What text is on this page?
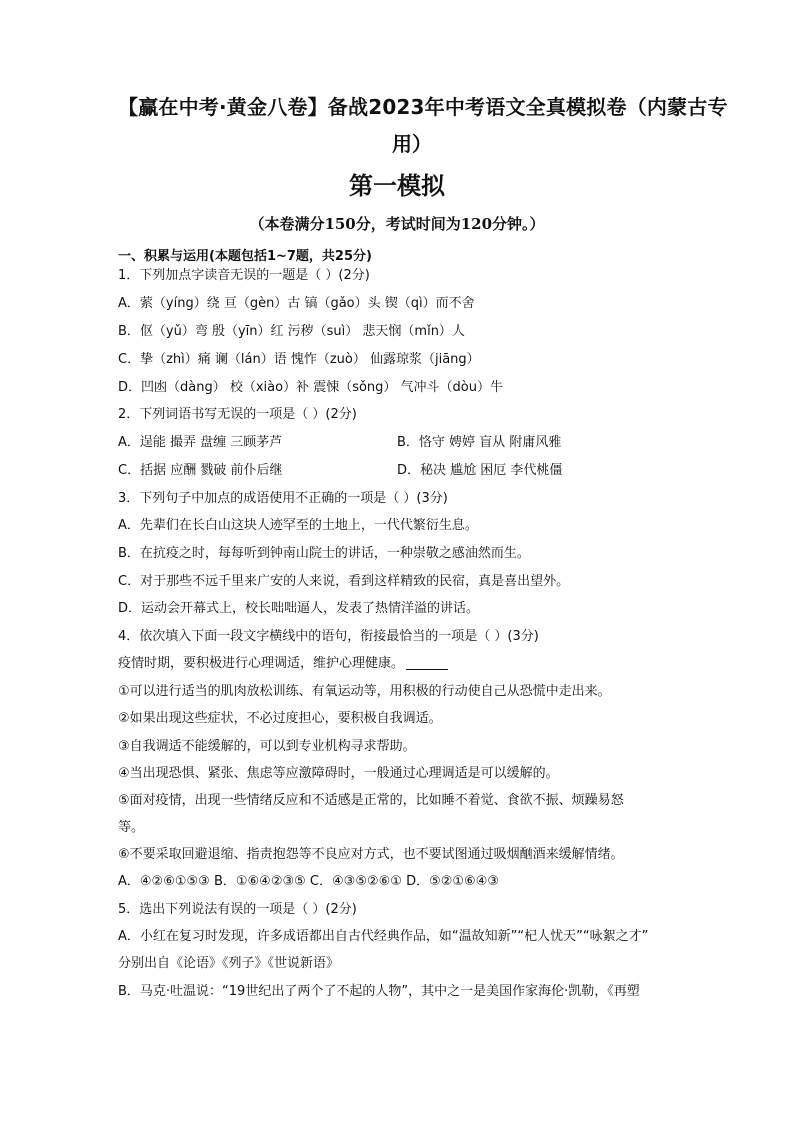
【赢在中考·黄金八卷】备战2023年中考语文全真模拟卷（内蒙古专
用）
第一模拟
（本卷满分150分，考试时间为120分钟。）
一、积累与运用(本题包括1~7题，共25分)
1．下列加点字读音无误的一题是（ ）(2分)
A．萦（yíng）绕 亘（gèn）古 镐（gǎo）头 锲（qì）而不舍
B．伛（yǔ）弯 殷（yīn）红 污秽（suì） 悲天悯（mǐn）人
C．挚（zhì）痛 谰（lán）语 愧怍（zuò） 仙露琼浆（jiāng）
D．凹凼（dàng） 校（xiào）补 震悚（sǒng） 气冲斗（dòu）牛
2．下列词语书写无误的一项是（ ）(2分)
A．逞能 撮弄 盘缠 三顾茅芦	B．恪守 娉婷 盲从 附庸风雅
C．括据 应酬 戮破 前仆后继	D．秘决 尴尬 困厄 李代桃僵
3．下列句子中加点的成语使用不正确的一项是（ ）(3分)
A．先辈们在长白山这块人迹罕至的土地上，一代代繁衍生息。
B．在抗疫之时，每每听到钟南山院士的讲话，一种崇敬之感油然而生。
C．对于那些不远千里来广安的人来说，看到这样精致的民宿，真是喜出望外。
D．运动会开幕式上，校长咄咄逼人，发表了热情洋溢的讲话。
4．依次填入下面一段文字横线中的语句，衔接最恰当的一项是（ ）(3分)
疫情时期，要积极进行心理调适，维护心理健康。
①可以进行适当的肌肉放松训练、有氧运动等，用积极的行动使自己从恐慌中走出来。
②如果出现这些症状，不必过度担心，要积极自我调适。
③自我调适不能缓解的，可以到专业机构寻求帮助。
④当出现恐惧、紧张、焦虑等应激障碍时，一般通过心理调适是可以缓解的。
⑤面对疫情，出现一些情绪反应和不适感是正常的，比如睡不着觉、食欲不振、烦躁易怒
等。
⑥不要采取回避退缩、指责抱怨等不良应对方式，也不要试图通过吸烟酗酒来缓解情绪。
A．④②⑥①⑤③ B．①⑥④②③⑤ C．④③⑤②⑥① D．⑤②①⑥④③
5．选出下列说法有误的一项是（ ）(2分)
A．小红在复习时发现，许多成语都出自古代经典作品，如“温故知新”“杞人忧天”“咏絮之才”
分别出自《论语》《列子》《世说新语》
B．马克·吐温说：“19世纪出了两个了不起的人物”，其中之一是美国作家海伦·凯勒，《再塑
